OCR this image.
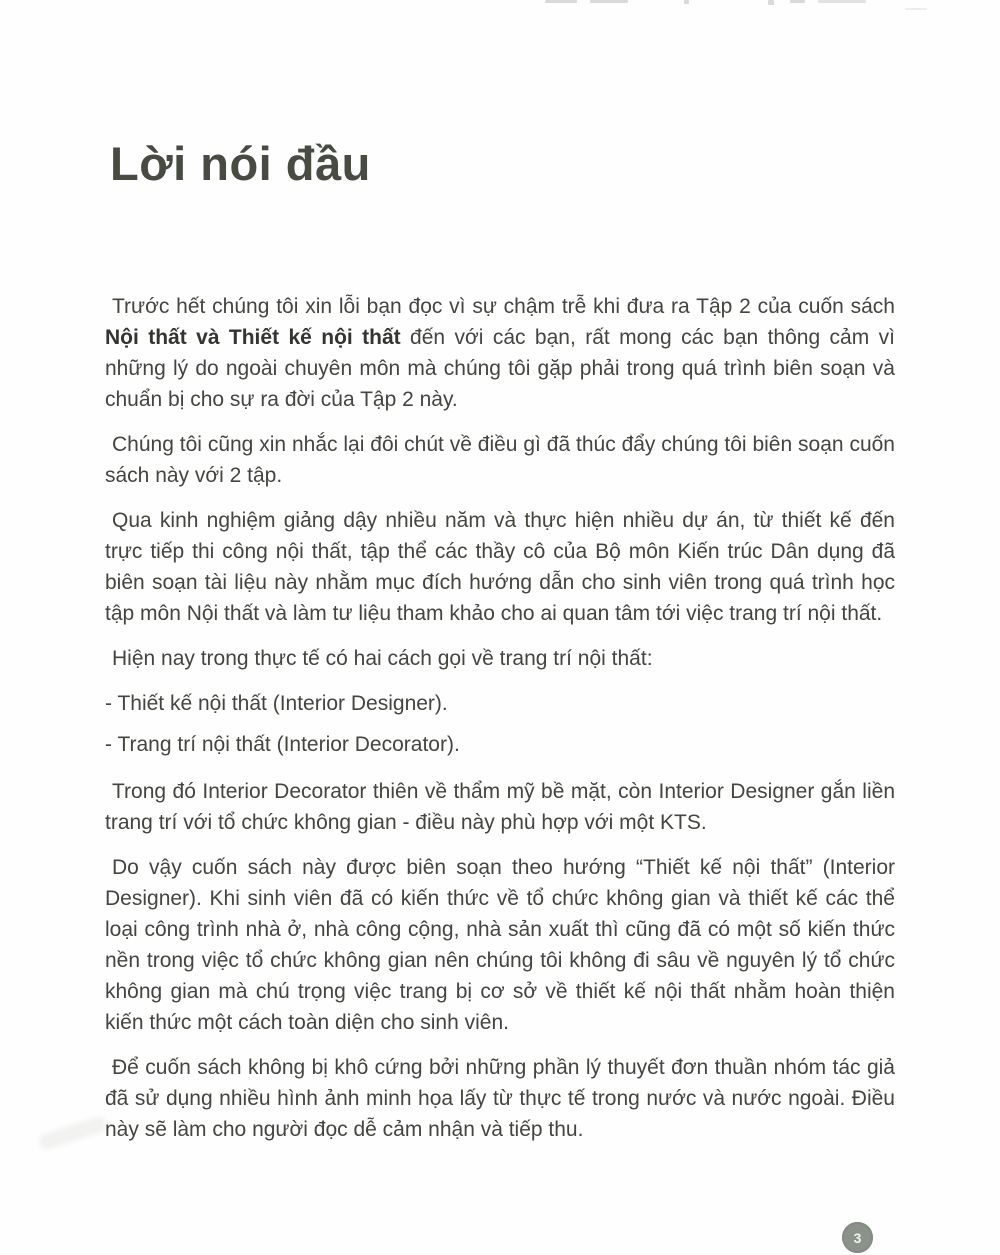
Lời nói đầu

Trước hết chúng tôi xin lỗi bạn đọc vì sự chậm trễ khi đưa ra Tập 2 của cuốn sách Nội thất và Thiết kế nội thất đến với các bạn, rất mong các bạn thông cảm vì những lý do ngoài chuyên môn mà chúng tôi gặp phải trong quá trình biên soạn và chuẩn bị cho sự ra đời của Tập 2 này.

Chúng tôi cũng xin nhắc lại đôi chút về điều gì đã thúc đẩy chúng tôi biên soạn cuốn sách này với 2 tập.

Qua kinh nghiệm giảng dậy nhiều năm và thực hiện nhiều dự án, từ thiết kế đến trực tiếp thi công nội thất, tập thể các thầy cô của Bộ môn Kiến trúc Dân dụng đã biên soạn tài liệu này nhằm mục đích hướng dẫn cho sinh viên trong quá trình học tập môn Nội thất và làm tư liệu tham khảo cho ai quan tâm tới việc trang trí nội thất.

Hiện nay trong thực tế có hai cách gọi về trang trí nội thất:

- Thiết kế nội thất (Interior Designer).

- Trang trí nội thất (Interior Decorator).

Trong đó Interior Decorator thiên về thẩm mỹ bề mặt, còn Interior Designer gắn liền trang trí với tổ chức không gian - điều này phù hợp với một KTS.

Do vậy cuốn sách này được biên soạn theo hướng “Thiết kế nội thất” (Interior Designer). Khi sinh viên đã có kiến thức về tổ chức không gian và thiết kế các thể loại công trình nhà ở, nhà công cộng, nhà sản xuất thì cũng đã có một số kiến thức nền trong việc tổ chức không gian nên chúng tôi không đi sâu về nguyên lý tổ chức không gian mà chú trọng việc trang bị cơ sở về thiết kế nội thất nhằm hoàn thiện kiến thức một cách toàn diện cho sinh viên.

Để cuốn sách không bị khô cứng bởi những phần lý thuyết đơn thuần nhóm tác giả đã sử dụng nhiều hình ảnh minh họa lấy từ thực tế trong nước và nước ngoài. Điều này sẽ làm cho người đọc dễ cảm nhận và tiếp thu.

3
